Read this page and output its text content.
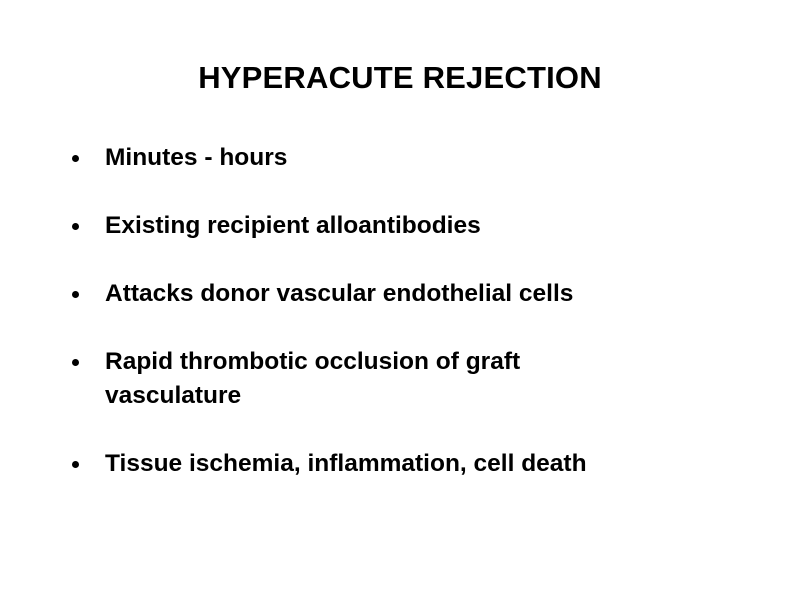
HYPERACUTE REJECTION
Minutes - hours
Existing recipient alloantibodies
Attacks donor vascular endothelial cells
Rapid thrombotic occlusion of graft vasculature
Tissue ischemia, inflammation, cell death
